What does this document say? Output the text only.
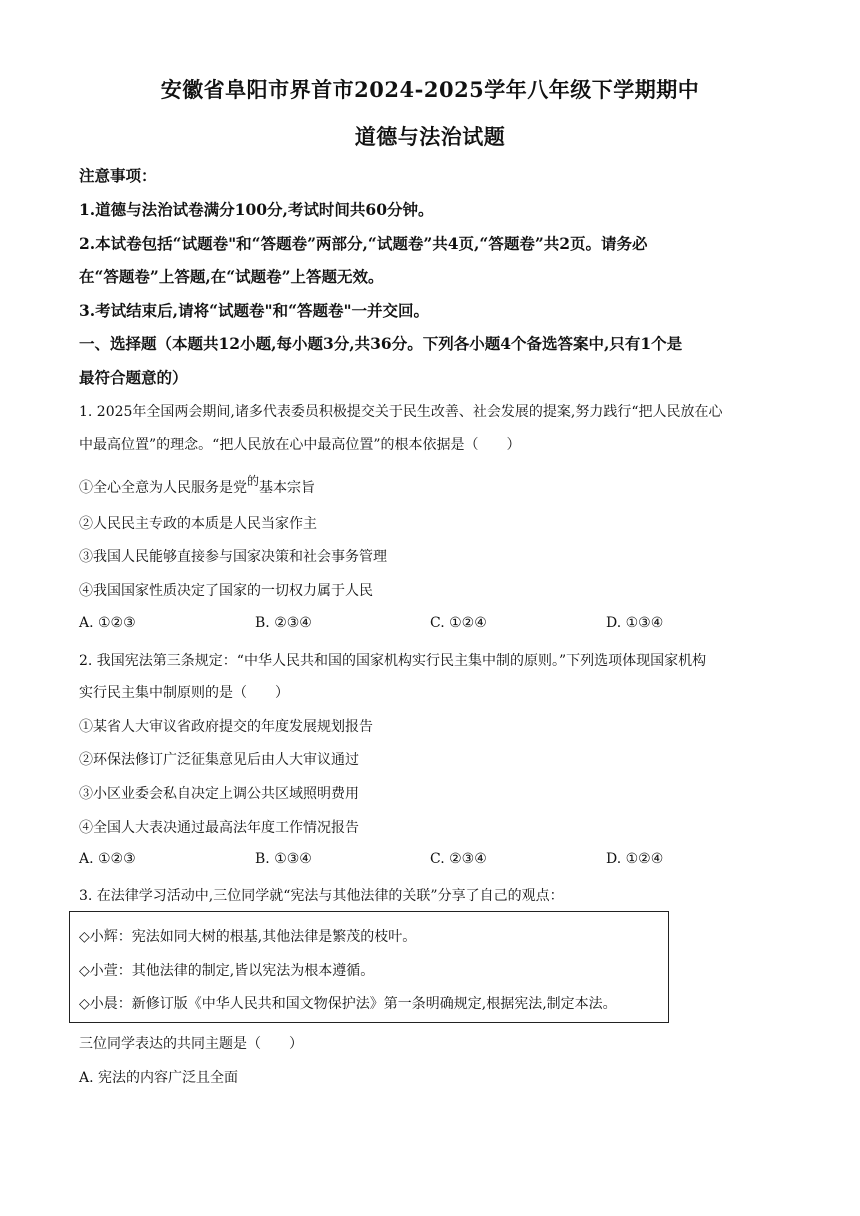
安徽省阜阳市界首市2024-2025学年八年级下学期期中
道德与法治试题
注意事项：
1.道德与法治试卷满分100分,考试时间共60分钟。
2.本试卷包括“试题卷"和“答题卷”两部分,“试题卷”共4页,“答题卷”共2页。请务必
在“答题卷”上答题,在“试题卷”上答题无效。
3.考试结束后,请将“试题卷"和“答题卷"一并交回。
一、选择题（本题共12小题,每小题3分,共36分。下列各小题4个备选答案中,只有1个是
最符合题意的）
1. 2025年全国两会期间,诸多代表委员积极提交关于民生改善、社会发展的提案,努力践行“把人民放在心
中最高位置”的理念。“把人民放在心中最高位置”的根本依据是（　　）
①全心全意为人民服务是党的基本宗旨
②人民民主专政的本质是人民当家作主
③我国人民能够直接参与国家决策和社会事务管理
④我国国家性质决定了国家的一切权力属于人民
A. ①②③	B. ②③④	C. ①②④	D. ①③④
2. 我国宪法第三条规定：“中华人民共和国的国家机构实行民主集中制的原则。”下列选项体现国家机构
实行民主集中制原则的是（　　）
①某省人大审议省政府提交的年度发展规划报告
②环保法修订广泛征集意见后由人大审议通过
③小区业委会私自决定上调公共区域照明费用
④全国人大表决通过最高法年度工作情况报告
A. ①②③	B. ①③④	C. ②③④	D. ①②④
3. 在法律学习活动中,三位同学就“宪法与其他法律的关联”分享了自己的观点：
◇小辉：宪法如同大树的根基,其他法律是繁茂的枝叶。
◇小萱：其他法律的制定,皆以宪法为根本遵循。
◇小晨：新修订版《中华人民共和国文物保护法》第一条明确规定,根据宪法,制定本法。
三位同学表达的共同主题是（　　）
A. 宪法的内容广泛且全面
